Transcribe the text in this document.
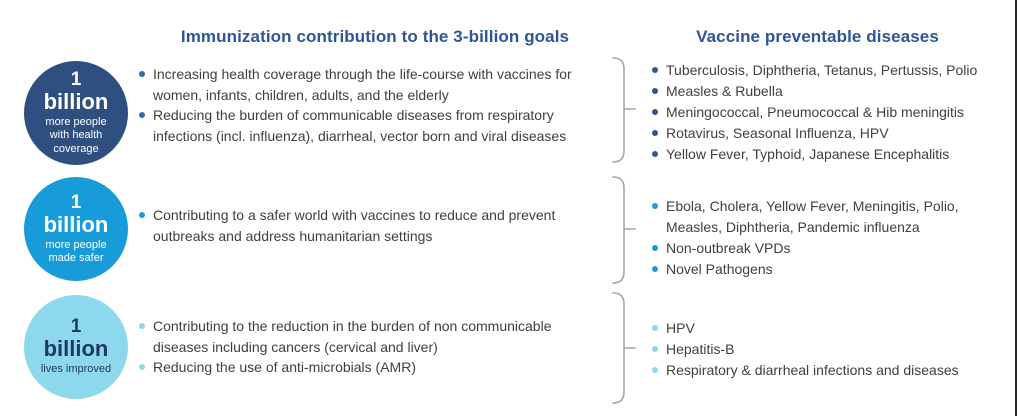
Immunization contribution to the 3-billion goals	Vaccine preventable diseases
1
billion
more people
with health
coverage
Increasing health coverage through the life-course with vaccines for women, infants, children, adults, and the elderly
Reducing the burden of communicable diseases from respiratory infections (incl. influenza), diarrheal, vector born and viral diseases
Tuberculosis, Diphtheria, Tetanus, Pertussis, Polio
Measles & Rubella
Meningococcal, Pneumococcal & Hib meningitis
Rotavirus, Seasonal Influenza, HPV
Yellow Fever, Typhoid, Japanese Encephalitis
1
billion
more people
made safer
Contributing to a safer world with vaccines to reduce and prevent outbreaks and address humanitarian settings
Ebola, Cholera, Yellow Fever, Meningitis, Polio, Measles, Diphtheria, Pandemic influenza
Non-outbreak VPDs
Novel Pathogens
1
billion
lives improved
Contributing to the reduction in the burden of non communicable diseases including cancers (cervical and liver)
Reducing the use of anti-microbials (AMR)
HPV
Hepatitis-B
Respiratory & diarrheal infections and diseases
